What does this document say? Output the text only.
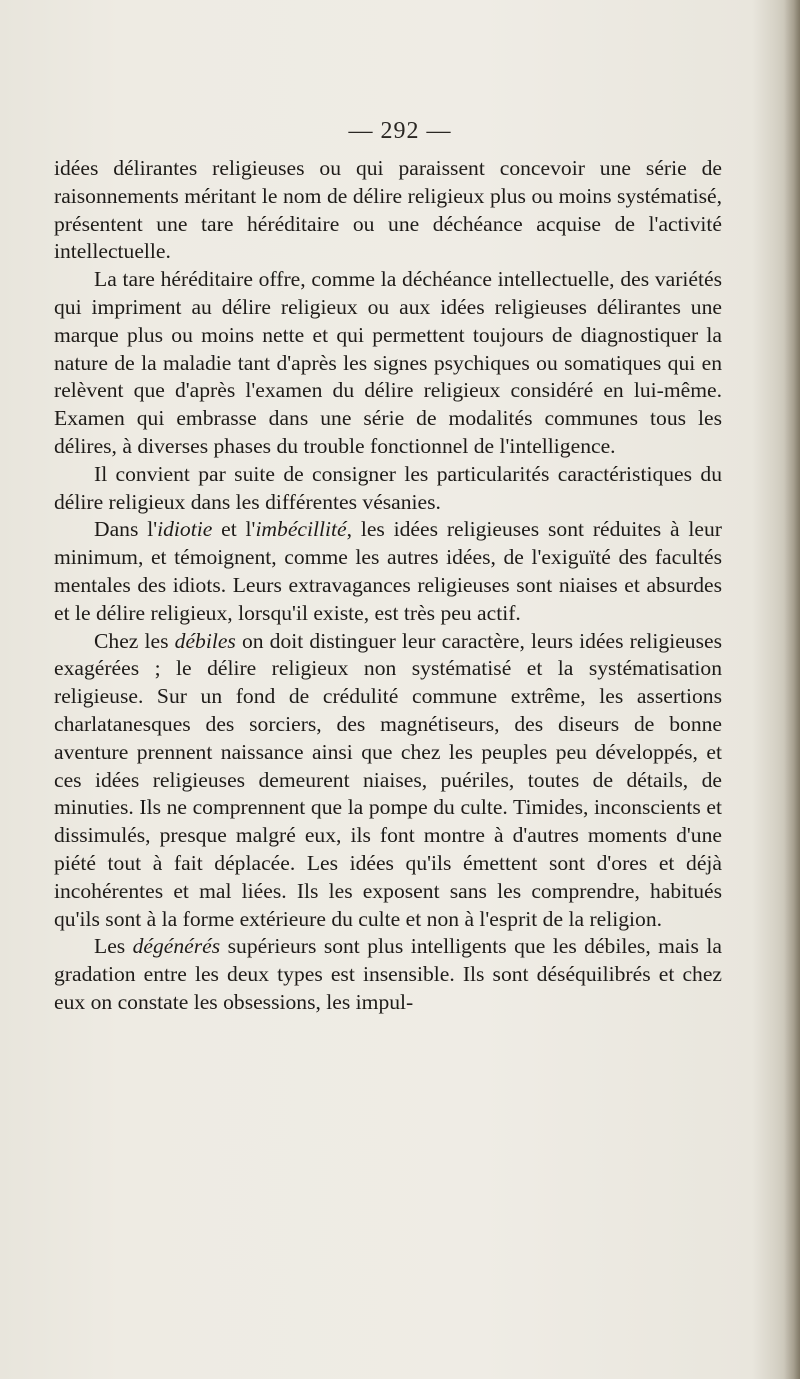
— 292 —

idées délirantes religieuses ou qui paraissent concevoir une série de raisonnements méritant le nom de délire religieux plus ou moins systématisé, présentent une tare héréditaire ou une déchéance acquise de l'activité intellectuelle.

La tare héréditaire offre, comme la déchéance intellectuelle, des variétés qui impriment au délire religieux ou aux idées religieuses délirantes une marque plus ou moins nette et qui permettent toujours de diagnostiquer la nature de la maladie tant d'après les signes psychiques ou somatiques qui en relèvent que d'après l'examen du délire religieux considéré en lui-même. Examen qui embrasse dans une série de modalités communes tous les délires, à diverses phases du trouble fonctionnel de l'intelligence.

Il convient par suite de consigner les particularités caractéristiques du délire religieux dans les différentes vésanies.

Dans l'idiotie et l'imbécillité, les idées religieuses sont réduites à leur minimum, et témoignent, comme les autres idées, de l'exiguïté des facultés mentales des idiots. Leurs extravagances religieuses sont niaises et absurdes et le délire religieux, lorsqu'il existe, est très peu actif.

Chez les débiles on doit distinguer leur caractère, leurs idées religieuses exagérées ; le délire religieux non systématisé et la systématisation religieuse. Sur un fond de crédulité commune extrême, les assertions charlatanesques des sorciers, des magnétiseurs, des diseurs de bonne aventure prennent naissance ainsi que chez les peuples peu développés, et ces idées religieuses demeurent niaises, puériles, toutes de détails, de minuties. Ils ne comprennent que la pompe du culte. Timides, inconscients et dissimulés, presque malgré eux, ils font montre à d'autres moments d'une piété tout à fait déplacée. Les idées qu'ils émettent sont d'ores et déjà incohérentes et mal liées. Ils les exposent sans les comprendre, habitués qu'ils sont à la forme extérieure du culte et non à l'esprit de la religion.

Les dégénérés supérieurs sont plus intelligents que les débiles, mais la gradation entre les deux types est insensible. Ils sont déséquilibrés et chez eux on constate les obsessions, les impul-
